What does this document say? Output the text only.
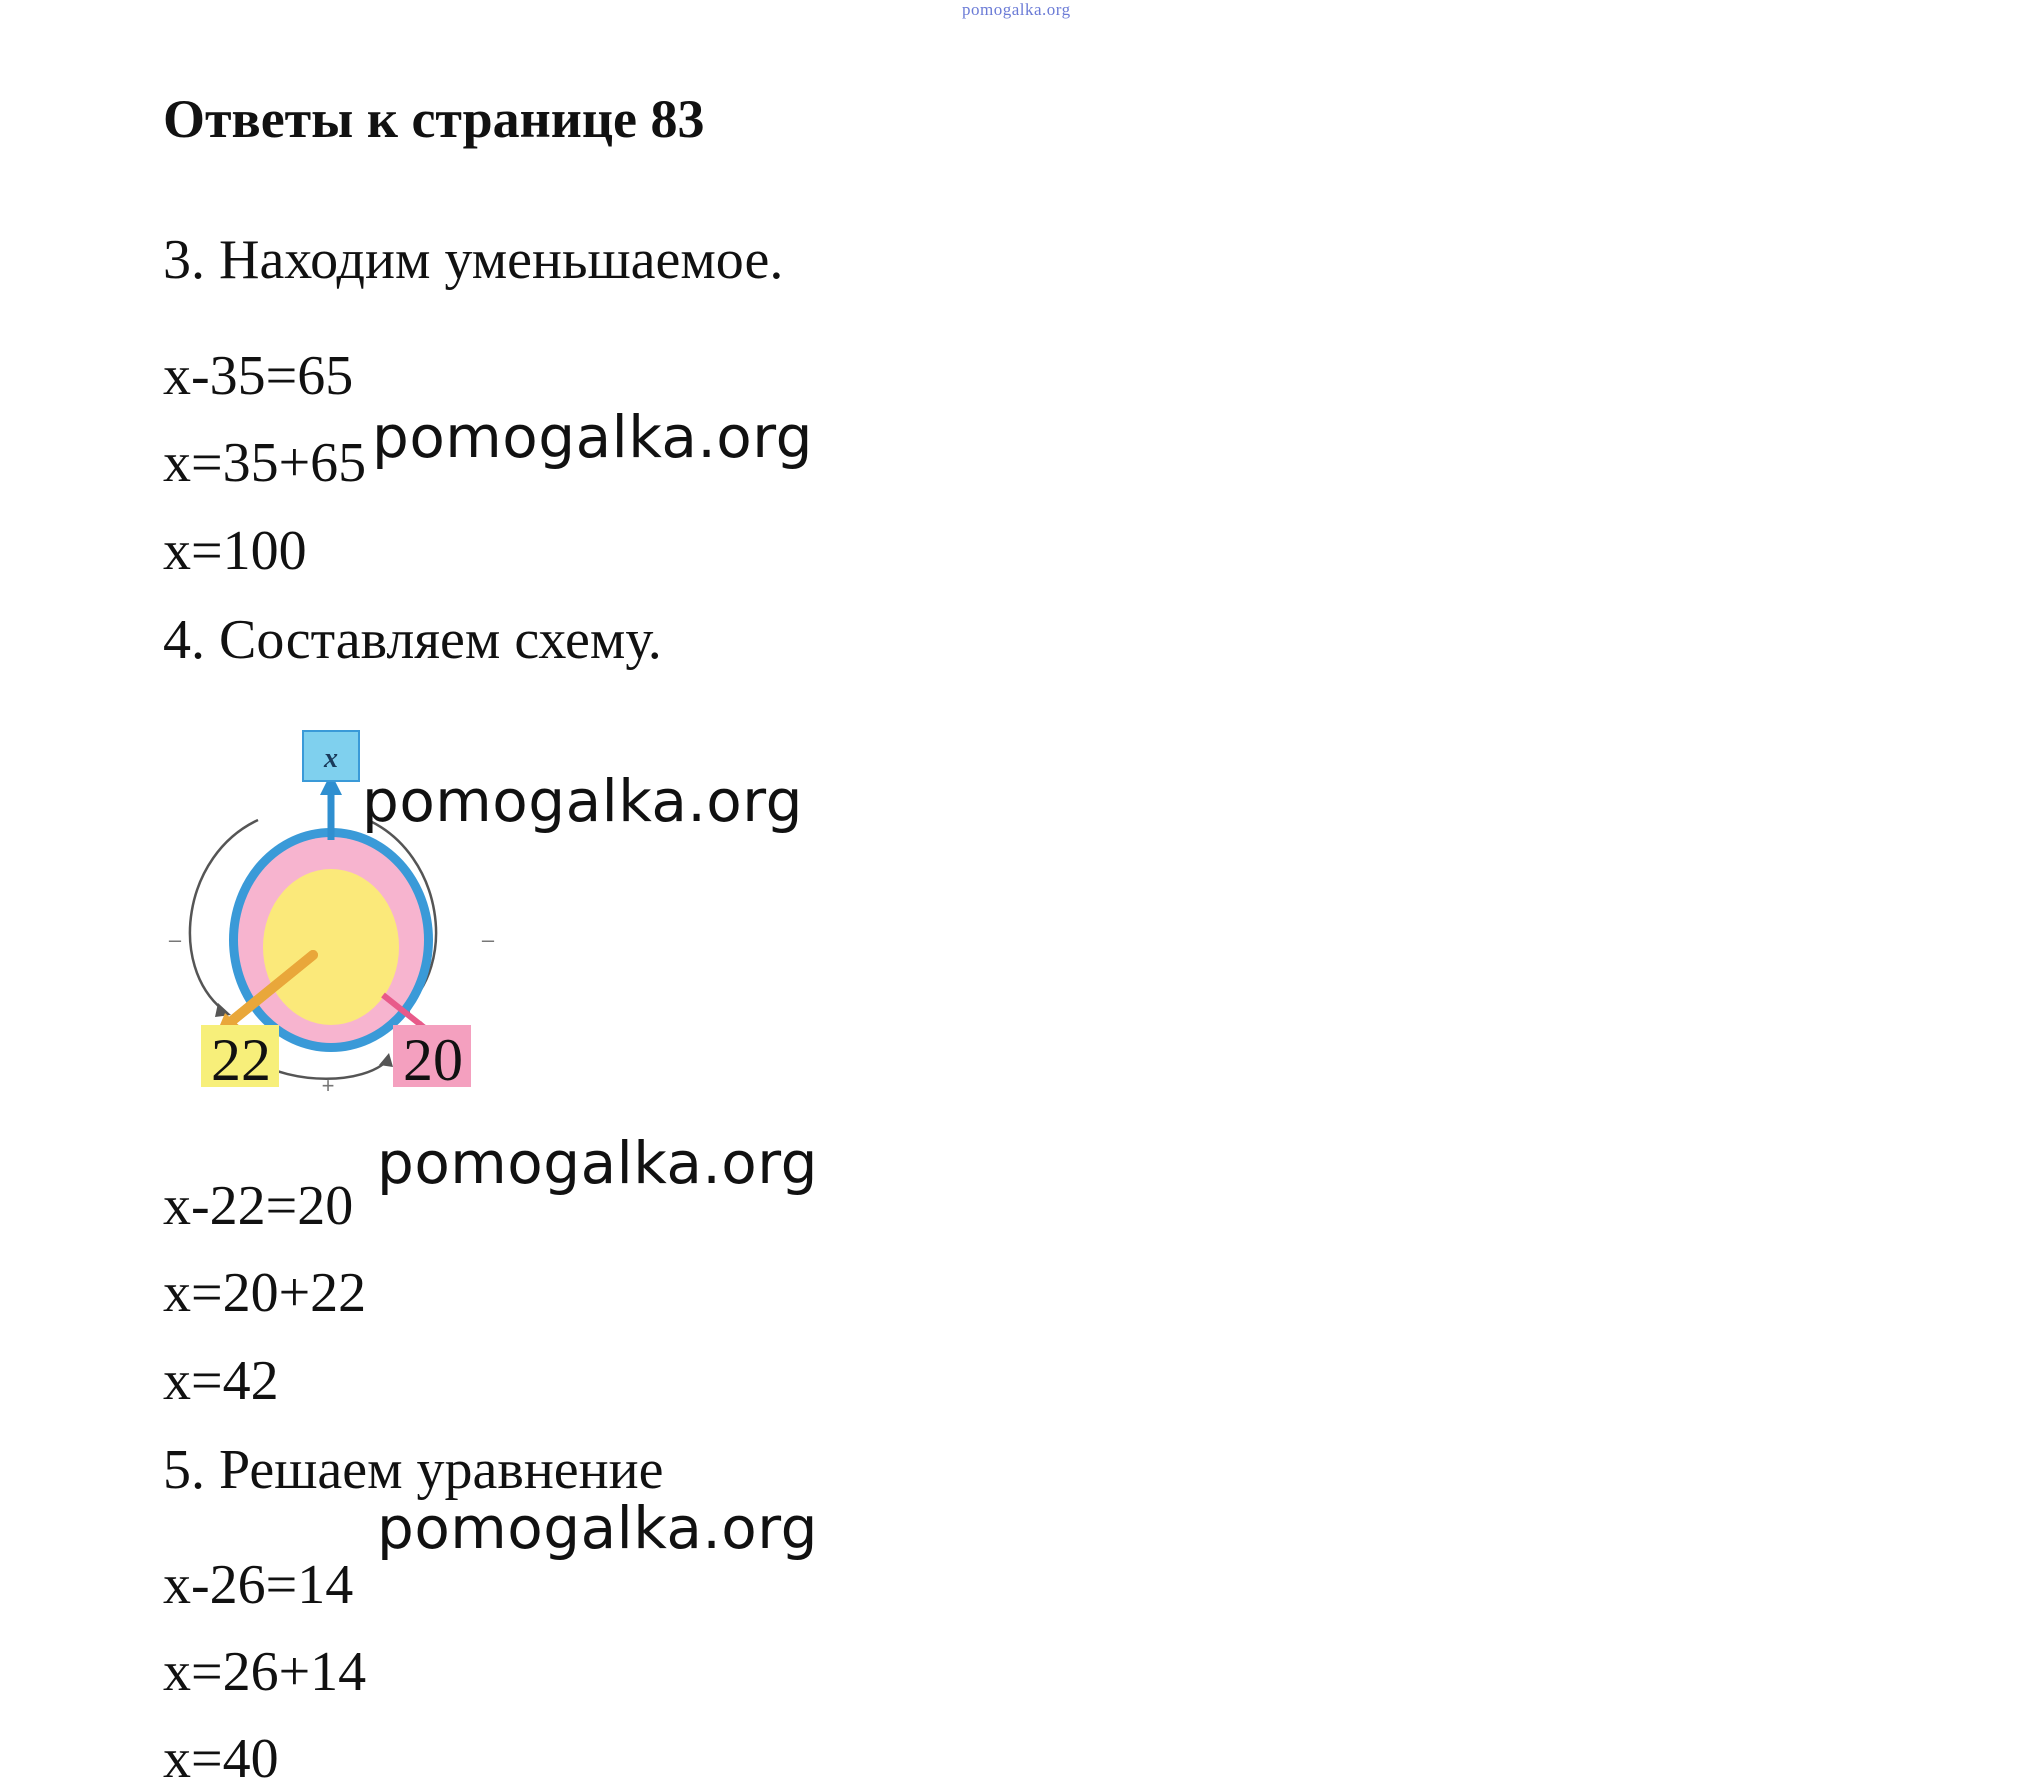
pomogalka.org
Ответы к странице 83
3. Находим уменьшаемое.
x-35=65
x=35+65 pomogalka.org
x=100
4. Составляем схему.
x
22 20
–	–
+
pomogalka.org
x-22=20
pomogalka.org
x=20+22
x=42
5. Решаем уравнение
pomogalka.org
x-26=14
x=26+14
x=40
